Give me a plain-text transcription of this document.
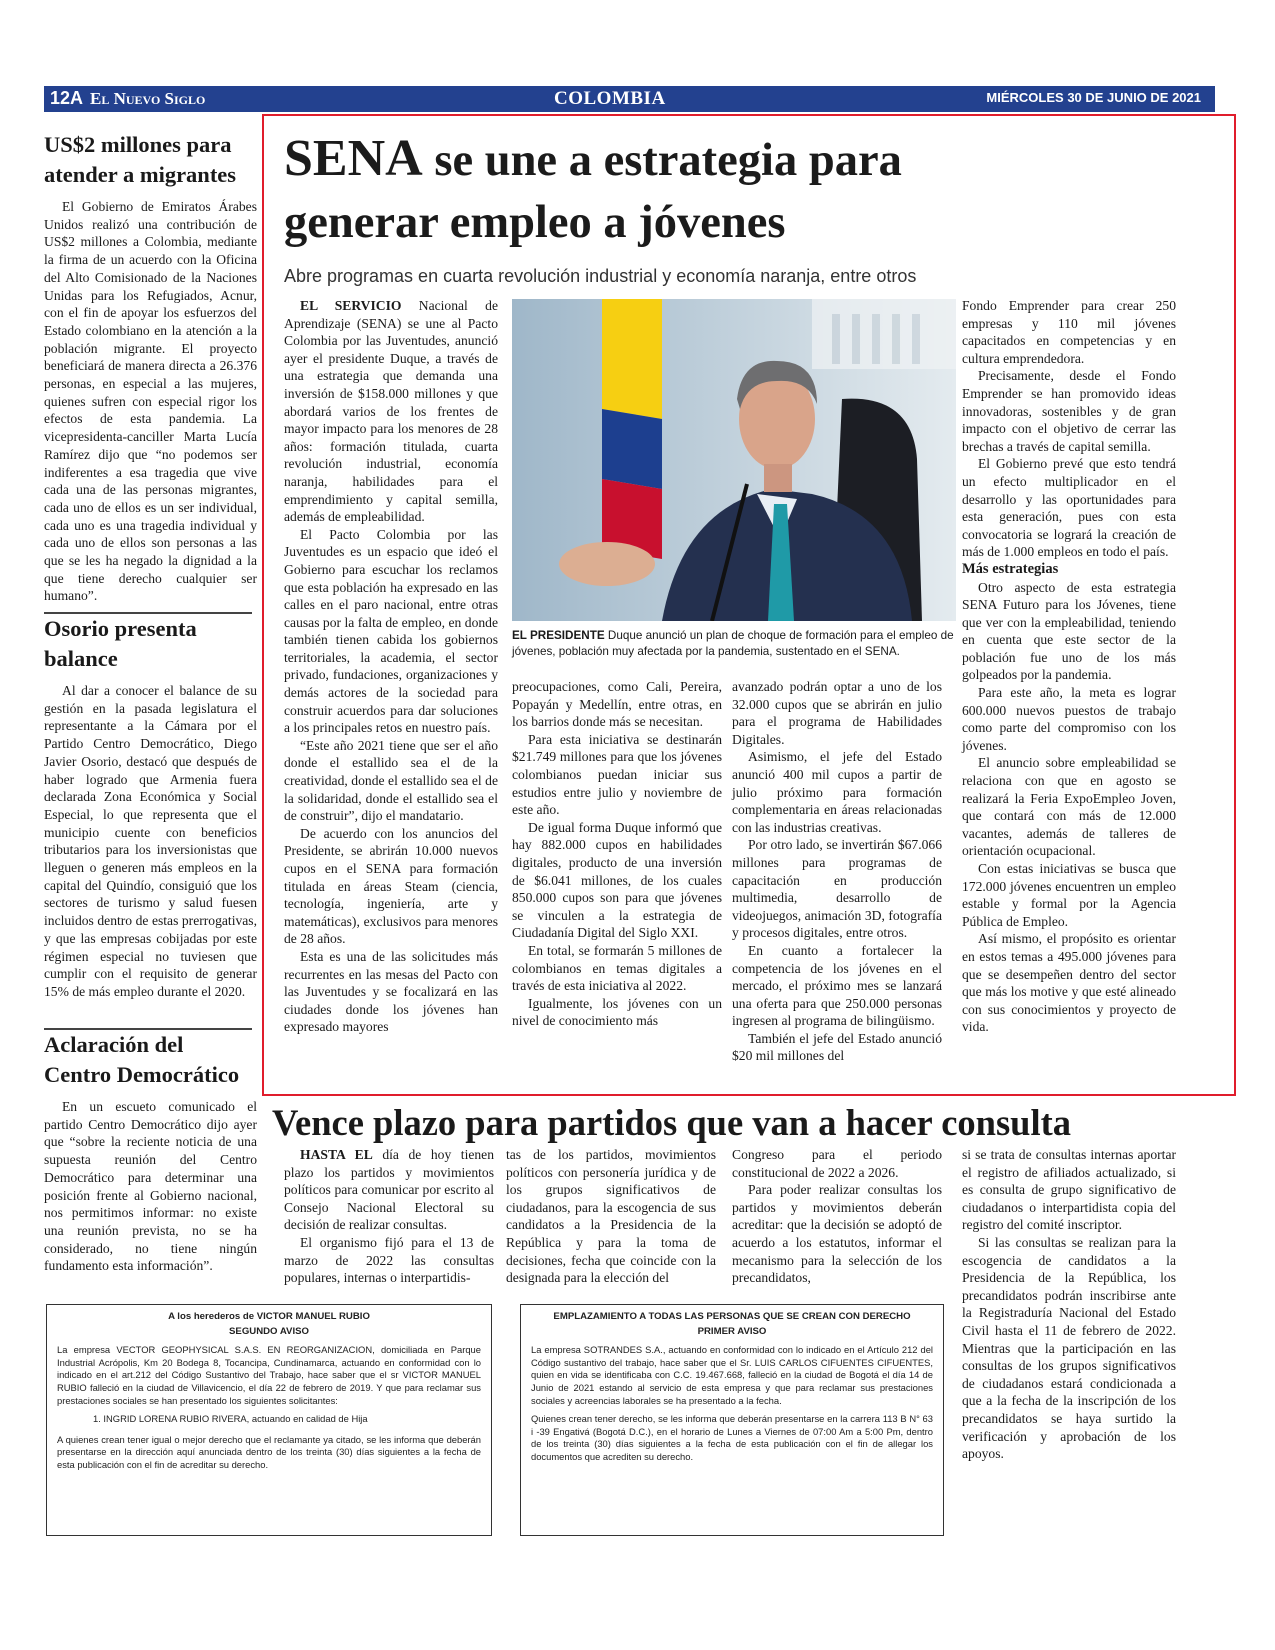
12A El Nuevo Siglo	COLOMBIA	MIÉRCOLES 30 DE JUNIO DE 2021
US$2 millones para
atender a migrantes

El Gobierno de Emiratos Árabes Unidos realizó una contribución de US$2 millones a Colombia, mediante la firma de un acuerdo con la Oficina del Alto Comisionado de la Naciones Unidas para los Refugiados, Acnur, con el fin de apoyar los esfuerzos del Estado colombiano en la atención a la población migrante. El proyecto beneficiará de manera directa a 26.376 personas, en especial a las mujeres, quienes sufren con especial rigor los efectos de esta pandemia. La vicepresidenta-canciller Marta Lucía Ramírez dijo que “no podemos ser indiferentes a esa tragedia que vive cada una de las personas migrantes, cada uno de ellos es un ser individual, cada uno es una tragedia individual y cada uno de ellos son personas a las que se les ha negado la dignidad a la que tiene derecho cualquier ser humano”.

Osorio presenta
balance

Al dar a conocer el balance de su gestión en la pasada legislatura el representante a la Cámara por el Partido Centro Democrático, Diego Javier Osorio, destacó que después de haber logrado que Armenia fuera declarada Zona Económica y Social Especial, lo que representa que el municipio cuente con beneficios tributarios para los inversionistas que lleguen o generen más empleos en la capital del Quindío, consiguió que los sectores de turismo y salud fuesen incluidos dentro de estas prerrogativas, y que las empresas cobijadas por este régimen especial no tuviesen que cumplir con el requisito de generar 15% de más empleo durante el 2020.

Aclaración del
Centro Democrático

En un escueto comunicado el partido Centro Democrático dijo ayer que “sobre la reciente noticia de una supuesta reunión del Centro Democrático para determinar una posición frente al Gobierno nacional, nos permitimos informar: no existe una reunión prevista, no se ha considerado, no tiene ningún fundamento esta información”.

SENA se une a estrategia para
generar empleo a jóvenes
Abre programas en cuarta revolución industrial y economía naranja, entre otros

EL SERVICIO Nacional de Aprendizaje (SENA) se une al Pacto Colombia por las Juventudes, anunció ayer el presidente Duque, a través de una estrategia que demanda una inversión de $158.000 millones y que abordará varios de los frentes de mayor impacto para los menores de 28 años: formación titulada, cuarta revolución industrial, economía naranja, habilidades para el emprendimiento y capital semilla, además de empleabilidad.

El Pacto Colombia por las Juventudes es un espacio que ideó el Gobierno para escuchar los reclamos que esta población ha expresado en las calles en el paro nacional, entre otras causas por la falta de empleo, en donde también tienen cabida los gobiernos territoriales, la academia, el sector privado, fundaciones, organizaciones y demás actores de la sociedad para construir acuerdos para dar soluciones a los principales retos en nuestro país.

“Este año 2021 tiene que ser el año donde el estallido sea el de la creatividad, donde el estallido sea el de la solidaridad, donde el estallido sea el de construir”, dijo el mandatario.

De acuerdo con los anuncios del Presidente, se abrirán 10.000 nuevos cupos en el SENA para formación titulada en áreas Steam (ciencia, tecnología, ingeniería, arte y matemáticas), exclusivos para menores de 28 años.

Esta es una de las solicitudes más recurrentes en las mesas del Pacto con las Juventudes y se focalizará en las ciudades donde los jóvenes han expresado mayores

EL PRESIDENTE Duque anunció un plan de choque de formación para el empleo de jóvenes, población muy afectada por la pandemia, sustentado en el SENA.

preocupaciones, como Cali, Pereira, Popayán y Medellín, entre otras, en los barrios donde más se necesitan.

Para esta iniciativa se destinarán $21.749 millones para que los jóvenes colombianos puedan iniciar sus estudios entre julio y noviembre de este año.

De igual forma Duque informó que hay 882.000 cupos en habilidades digitales, producto de una inversión de $6.041 millones, de los cuales 850.000 cupos son para que jóvenes se vinculen a la estrategia de Ciudadanía Digital del Siglo XXI.

En total, se formarán 5 millones de colombianos en temas digitales a través de esta iniciativa al 2022.

Igualmente, los jóvenes con un nivel de conocimiento más

avanzado podrán optar a uno de los 32.000 cupos que se abrirán en julio para el programa de Habilidades Digitales.

Asimismo, el jefe del Estado anunció 400 mil cupos a partir de julio próximo para formación complementaria en áreas relacionadas con las industrias creativas.

Por otro lado, se invertirán $67.066 millones para programas de capacitación en producción multimedia, desarrollo de videojuegos, animación 3D, fotografía y procesos digitales, entre otros.

En cuanto a fortalecer la competencia de los jóvenes en el mercado, el próximo mes se lanzará una oferta para que 250.000 personas ingresen al programa de bilingüismo.

También el jefe del Estado anunció $20 mil millones del

Fondo Emprender para crear 250 empresas y 110 mil jóvenes capacitados en competencias y en cultura emprendedora.

Precisamente, desde el Fondo Emprender se han promovido ideas innovadoras, sostenibles y de gran impacto con el objetivo de cerrar las brechas a través de capital semilla.

El Gobierno prevé que esto tendrá un efecto multiplicador en el desarrollo y las oportunidades para esta generación, pues con esta convocatoria se logrará la creación de más de 1.000 empleos en todo el país.

Más estrategias

Otro aspecto de esta estrategia SENA Futuro para los Jóvenes, tiene que ver con la empleabilidad, teniendo en cuenta que este sector de la población fue uno de los más golpeados por la pandemia.

Para este año, la meta es lograr 600.000 nuevos puestos de trabajo como parte del compromiso con los jóvenes.

El anuncio sobre empleabilidad se relaciona con que en agosto se realizará la Feria ExpoEmpleo Joven, que contará con más de 12.000 vacantes, además de talleres de orientación ocupacional.

Con estas iniciativas se busca que 172.000 jóvenes encuentren un empleo estable y formal por la Agencia Pública de Empleo.

Así mismo, el propósito es orientar en estos temas a 495.000 jóvenes para que se desempeñen dentro del sector que más los motive y que esté alineado con sus conocimientos y proyecto de vida.

Vence plazo para partidos que van a hacer consulta

HASTA EL día de hoy tienen plazo los partidos y movimientos políticos para comunicar por escrito al Consejo Nacional Electoral su decisión de realizar consultas.

El organismo fijó para el 13 de marzo de 2022 las consultas populares, internas o interpartidis-

tas de los partidos, movimientos políticos con personería jurídica y de los grupos significativos de ciudadanos, para la escogencia de sus candidatos a la Presidencia de la República y para la toma de decisiones, fecha que coincide con la designada para la elección del

Congreso para el periodo constitucional de 2022 a 2026.

Para poder realizar consultas los partidos y movimientos deberán acreditar: que la decisión se adoptó de acuerdo a los estatutos, informar el mecanismo para la selección de los precandidatos,

si se trata de consultas internas aportar el registro de afiliados actualizado, si es consulta de grupo significativo de ciudadanos o interpartidista copia del registro del comité inscriptor.

Si las consultas se realizan para la escogencia de candidatos a la Presidencia de la República, los precandidatos podrán inscribirse ante la Registraduría Nacional del Estado Civil hasta el 11 de febrero de 2022. Mientras que la participación en las consultas de los grupos significativos de ciudadanos estará condicionada a que a la fecha de la inscripción de los precandidatos se haya surtido la verificación y aprobación de los apoyos.

A los herederos de VICTOR MANUEL RUBIO
SEGUNDO AVISO

La empresa VECTOR GEOPHYSICAL S.A.S. EN REORGANIZACION, domiciliada en Parque Industrial Acrópolis, Km 20 Bodega 8, Tocancipa, Cundinamarca, actuando en conformidad con lo indicado en el art.212 del Código Sustantivo del Trabajo, hace saber que el sr VICTOR MANUEL RUBIO falleció en la ciudad de Villavicencio, el día 22 de febrero de 2019. Y que para reclamar sus prestaciones sociales se han presentado los siguientes solicitantes:

1. INGRID LORENA RUBIO RIVERA, actuando en calidad de Hija

A quienes crean tener igual o mejor derecho que el reclamante ya citado, se les informa que deberán presentarse en la dirección aquí anunciada dentro de los treinta (30) días siguientes a la fecha de esta publicación con el fin de acreditar su derecho.

EMPLAZAMIENTO A TODAS LAS PERSONAS QUE SE CREAN CON DERECHO
PRIMER AVISO

La empresa SOTRANDES S.A., actuando en conformidad con lo indicado en el Artículo 212 del Código sustantivo del trabajo, hace saber que el Sr. LUIS CARLOS CIFUENTES CIFUENTES, quien en vida se identificaba con C.C. 19.467.668, falleció en la ciudad de Bogotá el día 14 de Junio de 2021 estando al servicio de esta empresa y que para reclamar sus prestaciones sociales y acreencias laborales se ha presentado a la fecha.

Quienes crean tener derecho, se les informa que deberán presentarse en la carrera 113 B N° 63 i -39 Engativá (Bogotá D.C.), en el horario de Lunes a Viernes de 07:00 Am a 5:00 Pm, dentro de los treinta (30) días siguientes a la fecha de esta publicación con el fin de allegar los documentos que acrediten su derecho.
